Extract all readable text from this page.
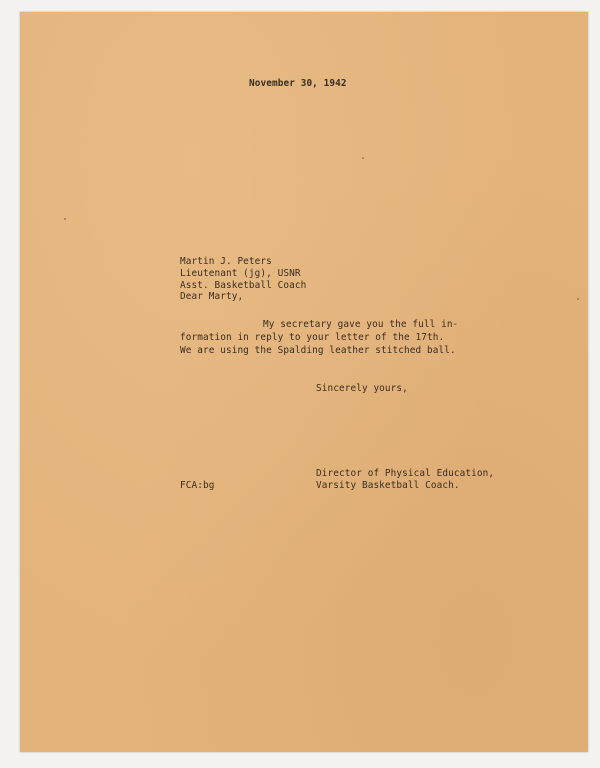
November 30, 1942

Martin J. Peters

Lieutenant (jg), USNR

Asst. Basketball Coach

Dear Marty,

My secretary gave you the full in-

formation in reply to your letter of the 17th.

We are using the Spalding leather stitched ball.

Sincerely yours,

Director of Physical Education,

Varsity Basketball Coach.

FCA:bg
